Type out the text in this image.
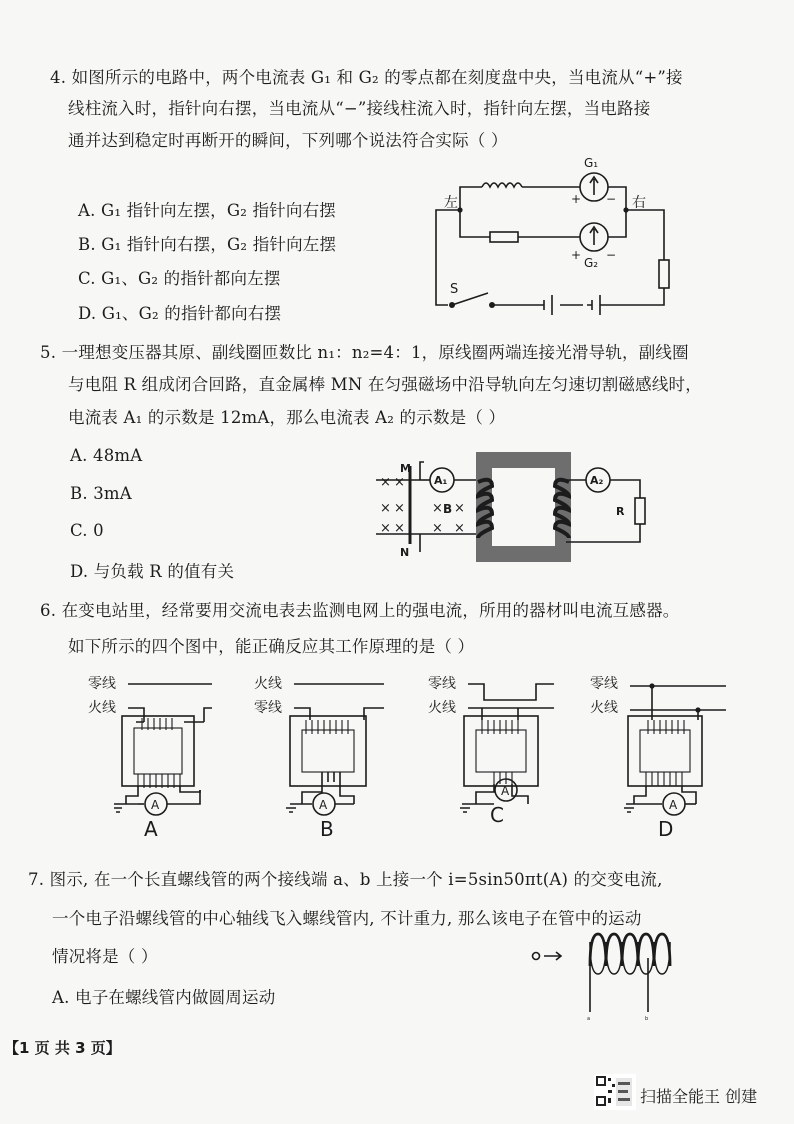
4. 如图所示的电路中，两个电流表 G₁ 和 G₂ 的零点都在刻度盘中央，当电流从“+”接
线柱流入时，指针向右摆，当电流从“−”接线柱流入时，指针向左摆，当电路接
通并达到稳定时再断开的瞬间，下列哪个说法符合实际（ ）
A. G₁ 指针向左摆，G₂ 指针向右摆
B. G₁ 指针向右摆，G₂ 指针向左摆
C. G₁、G₂ 的指针都向左摆
D. G₁、G₂ 的指针都向右摆
左	右
G₁
G₂
+ −
+ −
S
5. 一理想变压器其原、副线圈匝数比 n₁：n₂=4：1，原线圈两端连接光滑导轨，副线圈
与电阻 R 组成闭合回路，直金属棒 MN 在匀强磁场中沿导轨向左匀速切割磁感线时，
电流表 A₁ 的示数是 12mA，那么电流表 A₂ 的示数是（ ）
A. 48mA
B. 3mA
C. 0
D. 与负载 R 的值有关
× ×
× ×
× ×
× ×
× ×
B
A₁	A₂
R
M
N
6. 在变电站里，经常要用交流电表去监测电网上的强电流，所用的器材叫电流互感器。
如下所示的四个图中，能正确反应其工作原理的是（ ）
零线
火线
A
A
火线
零线
A
B
零线
火线
A
C
零线
火线
A
D
7. 图示, 在一个长直螺线管的两个接线端 a、b 上接一个 i=5sin50πt(A) 的交变电流,
一个电子沿螺线管的中心轴线飞入螺线管内, 不计重力, 那么该电子在管中的运动
情况将是（ ）
A. 电子在螺线管内做圆周运动
a	b
【1 页 共 3 页】
扫描全能王 创建
